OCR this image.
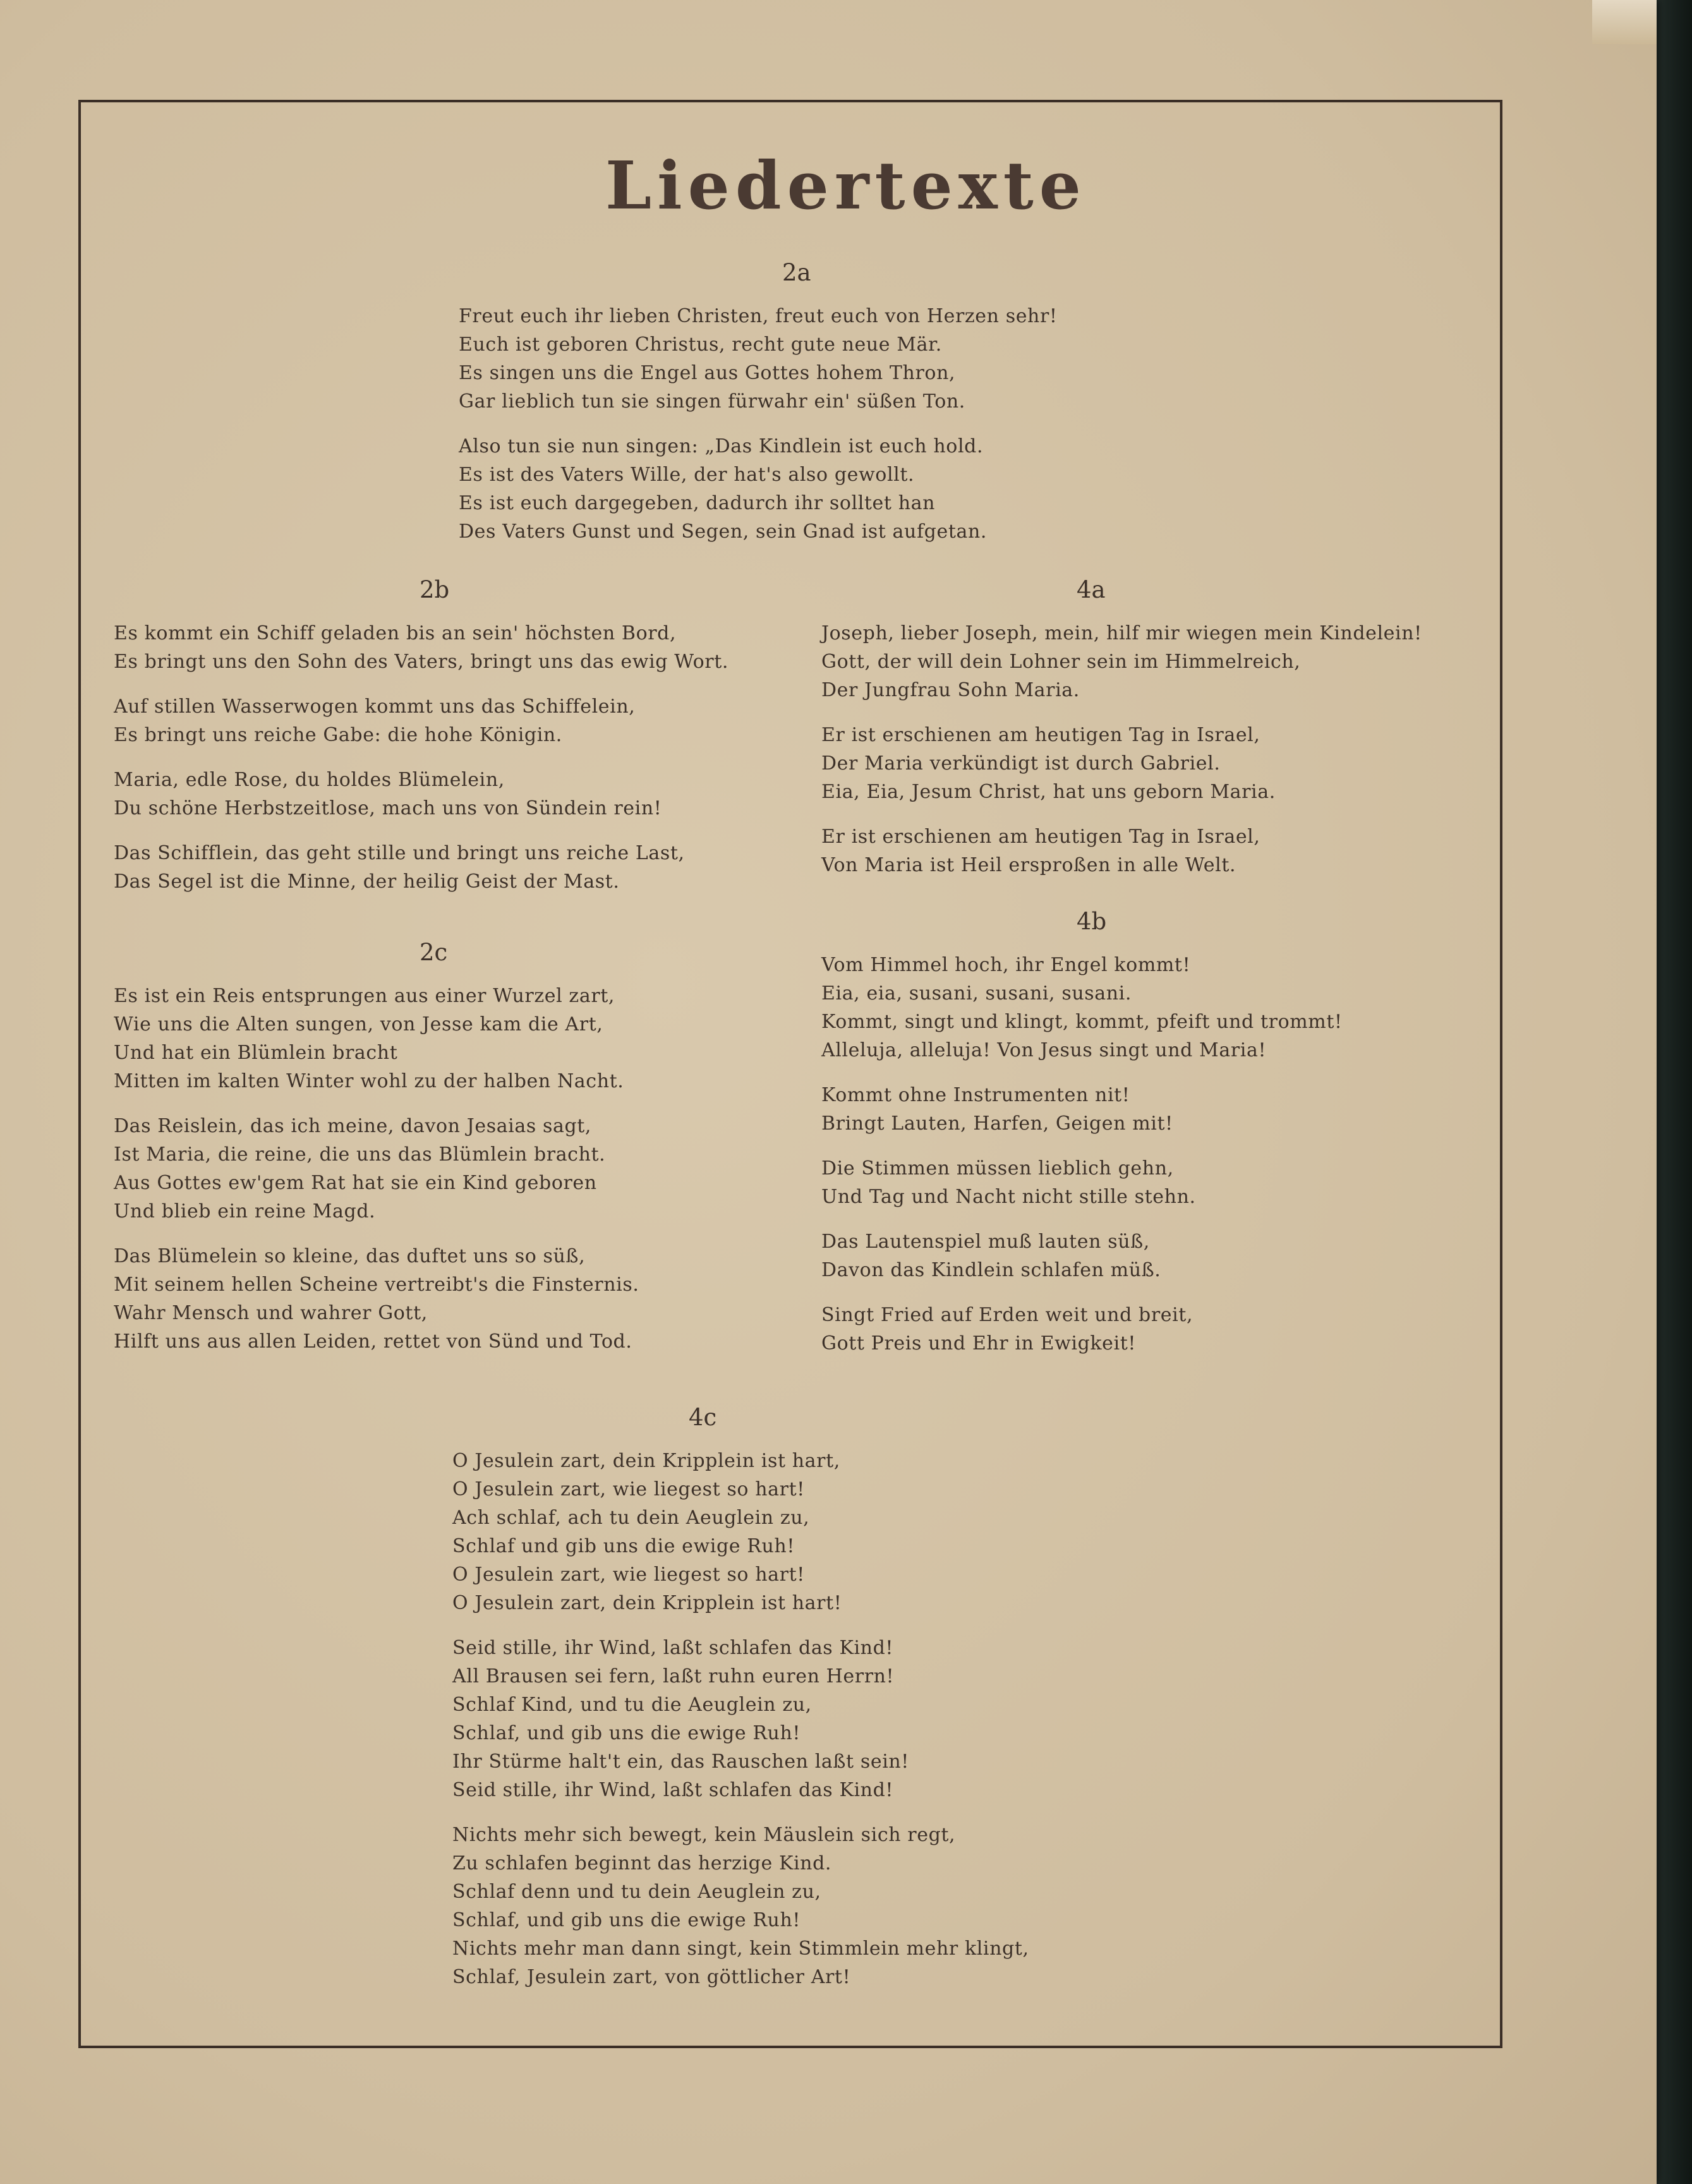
Liedertexte
2a
Freut euch ihr lieben Christen, freut euch von Herzen sehr!
Euch ist geboren Christus, recht gute neue Mär.
Es singen uns die Engel aus Gottes hohem Thron,
Gar lieblich tun sie singen fürwahr ein' süßen Ton.
Also tun sie nun singen: „Das Kindlein ist euch hold.
Es ist des Vaters Wille, der hat's also gewollt.
Es ist euch dargegeben, dadurch ihr solltet han
Des Vaters Gunst und Segen, sein Gnad ist aufgetan.
2b
Es kommt ein Schiff geladen bis an sein' höchsten Bord,
Es bringt uns den Sohn des Vaters, bringt uns das ewig Wort.
Auf stillen Wasserwogen kommt uns das Schiffelein,
Es bringt uns reiche Gabe: die hohe Königin.
Maria, edle Rose, du holdes Blümelein,
Du schöne Herbstzeitlose, mach uns von Sündein rein!
Das Schifflein, das geht stille und bringt uns reiche Last,
Das Segel ist die Minne, der heilig Geist der Mast.
2c
Es ist ein Reis entsprungen aus einer Wurzel zart,
Wie uns die Alten sungen, von Jesse kam die Art,
Und hat ein Blümlein bracht
Mitten im kalten Winter wohl zu der halben Nacht.
Das Reislein, das ich meine, davon Jesaias sagt,
Ist Maria, die reine, die uns das Blümlein bracht.
Aus Gottes ew'gem Rat hat sie ein Kind geboren
Und blieb ein reine Magd.
Das Blümelein so kleine, das duftet uns so süß,
Mit seinem hellen Scheine vertreibt's die Finsternis.
Wahr Mensch und wahrer Gott,
Hilft uns aus allen Leiden, rettet von Sünd und Tod.
4a
Joseph, lieber Joseph, mein, hilf mir wiegen mein Kindelein!
Gott, der will dein Lohner sein im Himmelreich,
Der Jungfrau Sohn Maria.
Er ist erschienen am heutigen Tag in Israel,
Der Maria verkündigt ist durch Gabriel.
Eia, Eia, Jesum Christ, hat uns geborn Maria.
Er ist erschienen am heutigen Tag in Israel,
Von Maria ist Heil ersproßen in alle Welt.
4b
Vom Himmel hoch, ihr Engel kommt!
Eia, eia, susani, susani, susani.
Kommt, singt und klingt, kommt, pfeift und trommt!
Alleluja, alleluja! Von Jesus singt und Maria!
Kommt ohne Instrumenten nit!
Bringt Lauten, Harfen, Geigen mit!
Die Stimmen müssen lieblich gehn,
Und Tag und Nacht nicht stille stehn.
Das Lautenspiel muß lauten süß,
Davon das Kindlein schlafen müß.
Singt Fried auf Erden weit und breit,
Gott Preis und Ehr in Ewigkeit!
4c
O Jesulein zart, dein Kripplein ist hart,
O Jesulein zart, wie liegest so hart!
Ach schlaf, ach tu dein Aeuglein zu,
Schlaf und gib uns die ewige Ruh!
O Jesulein zart, wie liegest so hart!
O Jesulein zart, dein Kripplein ist hart!
Seid stille, ihr Wind, laßt schlafen das Kind!
All Brausen sei fern, laßt ruhn euren Herrn!
Schlaf Kind, und tu die Aeuglein zu,
Schlaf, und gib uns die ewige Ruh!
Ihr Stürme halt't ein, das Rauschen laßt sein!
Seid stille, ihr Wind, laßt schlafen das Kind!
Nichts mehr sich bewegt, kein Mäuslein sich regt,
Zu schlafen beginnt das herzige Kind.
Schlaf denn und tu dein Aeuglein zu,
Schlaf, und gib uns die ewige Ruh!
Nichts mehr man dann singt, kein Stimmlein mehr klingt,
Schlaf, Jesulein zart, von göttlicher Art!
